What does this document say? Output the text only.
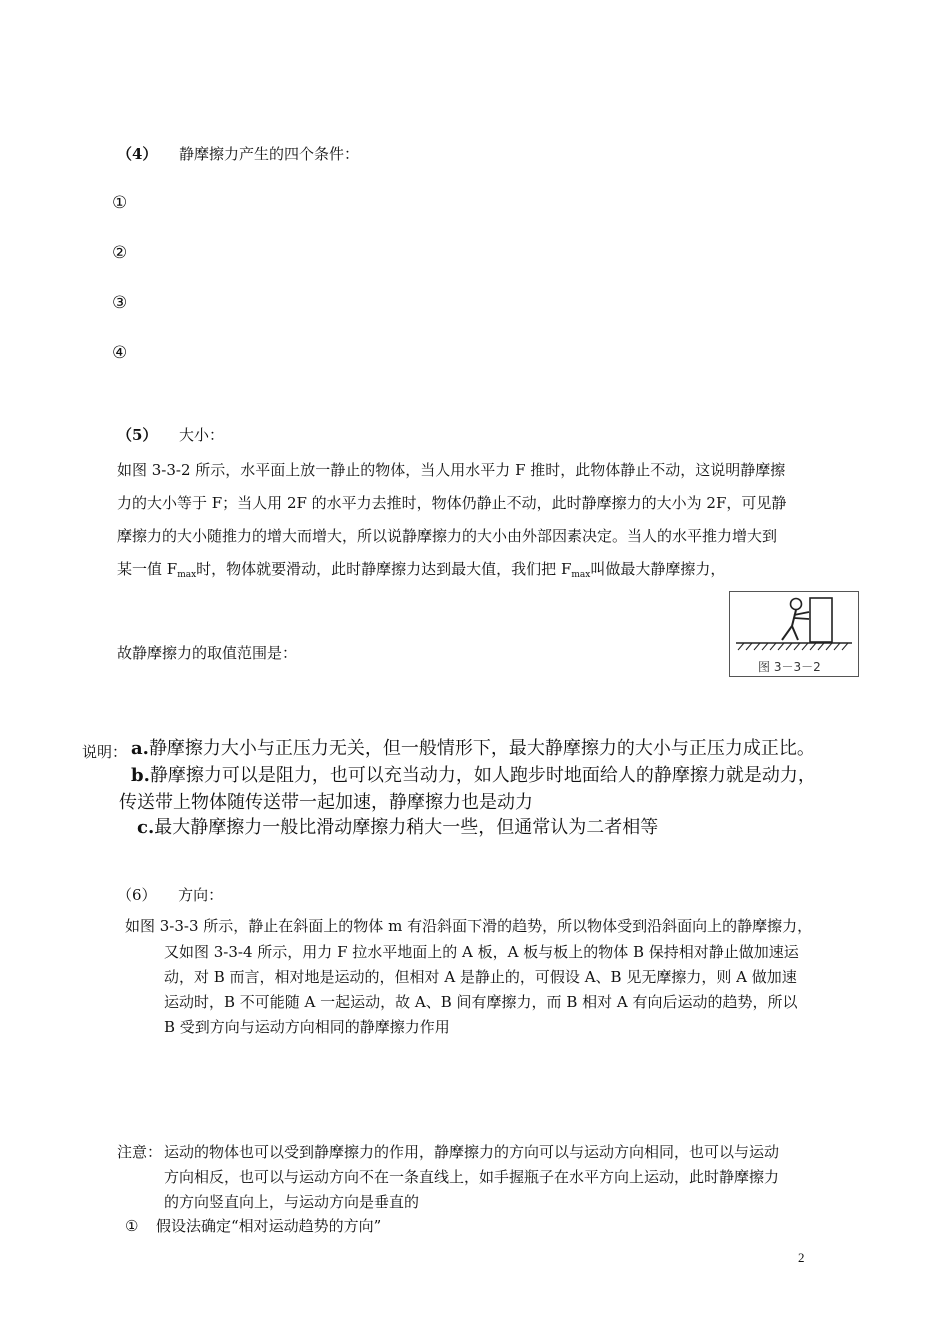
（4） 静摩擦力产生的四个条件：
①
②
③
④
（5） 大小：
如图 3-3-2 所示，水平面上放一静止的物体，当人用水平力 F 推时，此物体静止不动，这说明静摩擦
力的大小等于 F；当人用 2F 的水平力去推时，物体仍静止不动，此时静摩擦力的大小为 2F，可见静
摩擦力的大小随推力的增大而增大，所以说静摩擦力的大小由外部因素决定。当人的水平推力增大到
某一值 $F_{max}$时，物体就要滑动，此时静摩擦力达到最大值，我们把 $F_{max}$叫做最大静摩擦力，
故静摩擦力的取值范围是：
图 3－3－2
说明： a.静摩擦力大小与正压力无关，但一般情形下，最大静摩擦力的大小与正压力成正比。
b.静摩擦力可以是阻力，也可以充当动力，如人跑步时地面给人的静摩擦力就是动力，
传送带上物体随传送带一起加速，静摩擦力也是动力
c.最大静摩擦力一般比滑动摩擦力稍大一些，但通常认为二者相等
（6） 方向：
如图 3-3-3 所示，静止在斜面上的物体 m 有沿斜面下滑的趋势，所以物体受到沿斜面向上的静摩擦力，
又如图 3-3-4 所示，用力 F 拉水平地面上的 A 板，A 板与板上的物体 B 保持相对静止做加速运
动，对 B 而言，相对地是运动的，但相对 A 是静止的，可假设 A、B 见无摩擦力，则 A 做加速
运动时，B 不可能随 A 一起运动，故 A、B 间有摩擦力，而 B 相对 A 有向后运动的趋势，所以
B 受到方向与运动方向相同的静摩擦力作用
注意： 运动的物体也可以受到静摩擦力的作用，静摩擦力的方向可以与运动方向相同，也可以与运动
方向相反，也可以与运动方向不在一条直线上，如手握瓶子在水平方向上运动，此时静摩擦力
的方向竖直向上，与运动方向是垂直的
① 假设法确定“相对运动趋势的方向”
2
